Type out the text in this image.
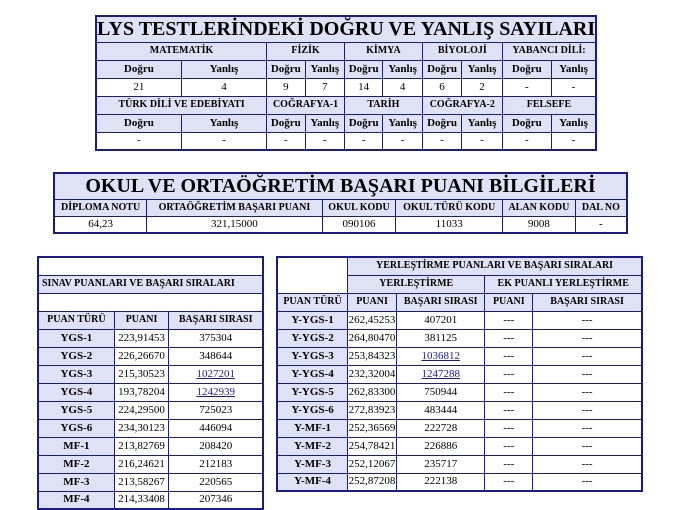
LYS TESTLERİNDEKİ DOĞRU VE YANLIŞ SAYILARI									
MATEMATİK		FİZİK		KİMYA		BİYOLOJİ		YABANCI DİLİ:	
Doğru	Yanlış	Doğru	Yanlış	Doğru	Yanlış	Doğru	Yanlış	Doğru	Yanlış
21	4	9	7	14	4	6	2	-	-
TÜRK DİLİ VE EDEBİYATI		COĞRAFYA-1		TARİH		COĞRAFYA-2		FELSEFE	
Doğru	Yanlış	Doğru	Yanlış	Doğru	Yanlış	Doğru	Yanlış	Doğru	Yanlış
-	-	-	-	-	-	-	-	-	-
OKUL VE ORTAÖĞRETİM BAŞARI PUANI BİLGİLERİ					
DİPLOMA NOTU	ORTAÖĞRETİM BAŞARI PUANI	OKUL KODU	OKUL TÜRÜ KODU	ALAN KODU	DAL NO
64,23	321,15000	090106	11033	9008	-

SINAV PUANLARI VE BAŞARI SIRALARI		

PUAN TÜRÜ	PUANI	BAŞARI SIRASI
YGS-1	223,91453	375304
YGS-2	226,26670	348644
YGS-3	215,30523	1027201
YGS-4	193,78204	1242939
YGS-5	224,29500	725023
YGS-6	234,30123	446094
MF-1	213,82769	208420
MF-2	216,24621	212183
MF-3	213,58267	220565
MF-4	214,33408	207346
	YERLEŞTİRME PUANLARI VE BAŞARI SIRALARI			
	YERLEŞTİRME		EK PUANLI YERLEŞTİRME	
PUAN TÜRÜ	PUANI	BAŞARI SIRASI	PUANI	BAŞARI SIRASI
Y-YGS-1	262,45253	407201	---	---
Y-YGS-2	264,80470	381125	---	---
Y-YGS-3	253,84323	1036812	---	---
Y-YGS-4	232,32004	1247288	---	---
Y-YGS-5	262,83300	750944	---	---
Y-YGS-6	272,83923	483444	---	---
Y-MF-1	252,36569	222728	---	---
Y-MF-2	254,78421	226886	---	---
Y-MF-3	252,12067	235717	---	---
Y-MF-4	252,87208	222138	---	---
